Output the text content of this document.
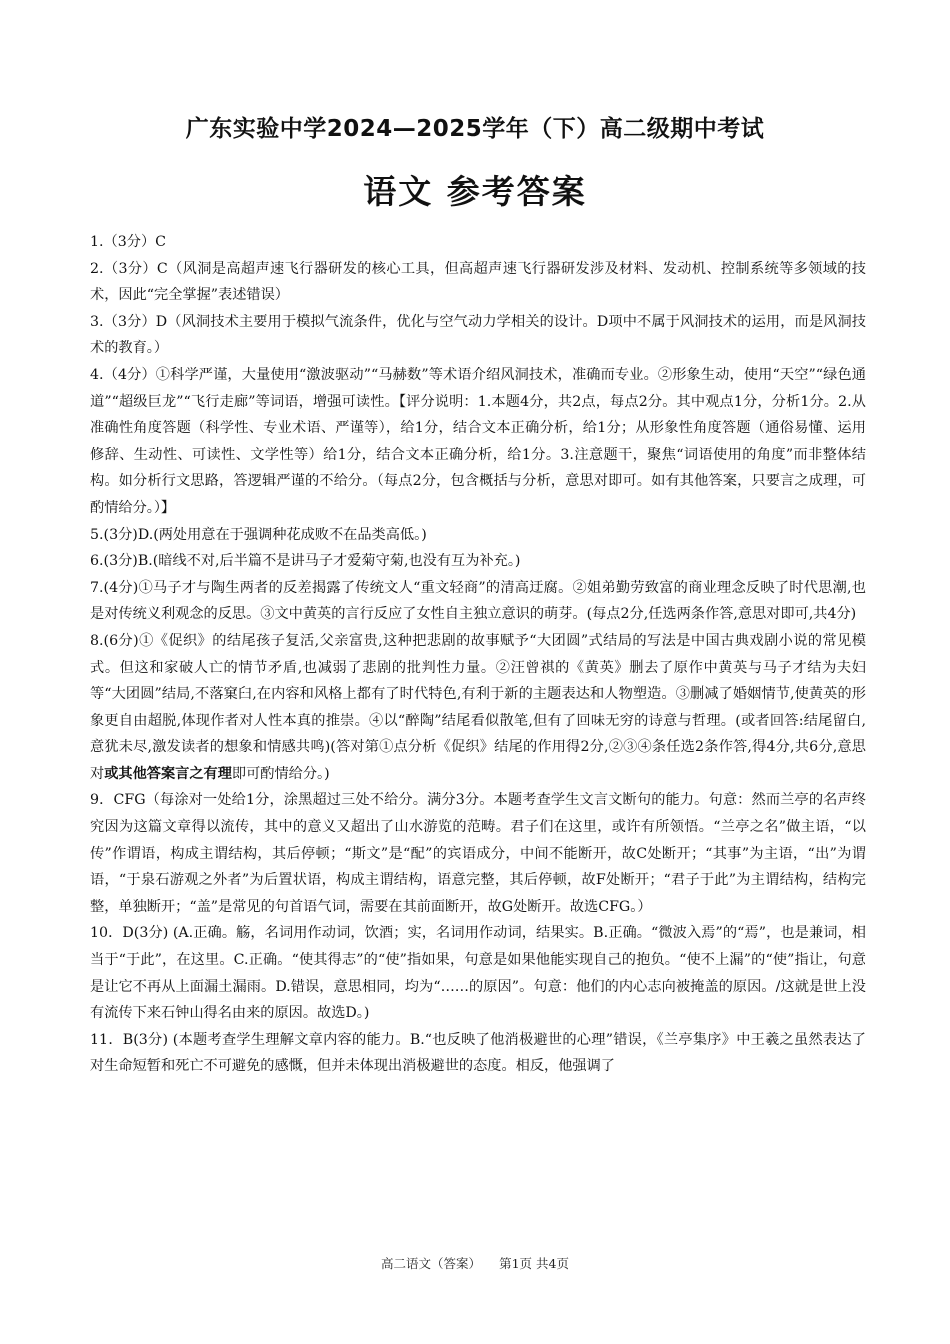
广东实验中学2024—2025学年（下）高二级期中考试
语文 参考答案

1.（3分）C

2.（3分）C（风洞是高超声速飞行器研发的核心工具，但高超声速飞行器研发涉及材料、发动机、控制系统等多领域的技术，因此“完全掌握”表述错误）

3.（3分）D（风洞技术主要用于模拟气流条件，优化与空气动力学相关的设计。D项中不属于风洞技术的运用，而是风洞技术的教育。）

4.（4分）①科学严谨，大量使用“激波驱动”“马赫数”等术语介绍风洞技术，准确而专业。②形象生动，使用“天空”“绿色通道”“超级巨龙”“飞行走廊”等词语，增强可读性。【评分说明：1.本题4分，共2点，每点2分。其中观点1分，分析1分。2.从准确性角度答题（科学性、专业术语、严谨等），给1分，结合文本正确分析，给1分；从形象性角度答题（通俗易懂、运用修辞、生动性、可读性、文学性等）给1分，结合文本正确分析，给1分。3.注意题干，聚焦“词语使用的角度”而非整体结构。如分析行文思路，答逻辑严谨的不给分。（每点2分，包含概括与分析，意思对即可。如有其他答案，只要言之成理，可酌情给分。）】

5.(3分)D.(两处用意在于强调种花成败不在品类高低。)

6.(3分)B.(暗线不对,后半篇不是讲马子才爱菊守菊,也没有互为补充。)

7.(4分)①马子才与陶生两者的反差揭露了传统文人“重文轻商”的清高迂腐。②姐弟勤劳致富的商业理念反映了时代思潮,也是对传统义利观念的反思。③文中黄英的言行反应了女性自主独立意识的萌芽。(每点2分,任选两条作答,意思对即可,共4分)

8.(6分)①《促织》的结尾孩子复活,父亲富贵,这种把悲剧的故事赋予“大团圆”式结局的写法是中国古典戏剧小说的常见模式。但这和家破人亡的情节矛盾,也减弱了悲剧的批判性力量。②汪曾祺的《黄英》删去了原作中黄英与马子才结为夫妇等“大团圆”结局,不落窠臼,在内容和风格上都有了时代特色,有利于新的主题表达和人物塑造。③删减了婚姻情节,使黄英的形象更自由超脱,体现作者对人性本真的推崇。④以“醉陶”结尾看似散笔,但有了回味无穷的诗意与哲理。(或者回答:结尾留白,意犹未尽,激发读者的想象和情感共鸣)(答对第①点分析《促织》结尾的作用得2分,②③④条任选2条作答,得4分,共6分,意思对或其他答案言之有理即可酌情给分。)

9．CFG（每涂对一处给1分，涂黑超过三处不给分。满分3分。本题考查学生文言文断句的能力。句意：然而兰亭的名声终究因为这篇文章得以流传，其中的意义又超出了山水游览的范畴。君子们在这里，或许有所领悟。“兰亭之名”做主语，“以传”作谓语，构成主谓结构，其后停顿；“斯文”是“配”的宾语成分，中间不能断开，故C处断开；“其事”为主语，“出”为谓语，“于泉石游观之外者”为后置状语，构成主谓结构，语意完整，其后停顿，故F处断开；“君子于此”为主谓结构，结构完整，单独断开；“盖”是常见的句首语气词，需要在其前面断开，故G处断开。故选CFG。）

10．D(3分) (A.正确。觞，名词用作动词，饮酒；实，名词用作动词，结果实。B.正确。“微波入焉”的“焉”，也是兼词，相当于“于此”，在这里。C.正确。“使其得志”的“使”指如果，句意是如果他能实现自己的抱负。“使不上漏”的“使”指让，句意是让它不再从上面漏土漏雨。D.错误，意思相同，均为“……的原因”。句意：他们的内心志向被掩盖的原因。/这就是世上没有流传下来石钟山得名由来的原因。故选D。)

11．B(3分) (本题考查学生理解文章内容的能力。B.“也反映了他消极避世的心理”错误，《兰亭集序》中王羲之虽然表达了对生命短暂和死亡不可避免的感慨，但并未体现出消极避世的态度。相反，他强调了

高二语文（答案） 第1页 共4页
